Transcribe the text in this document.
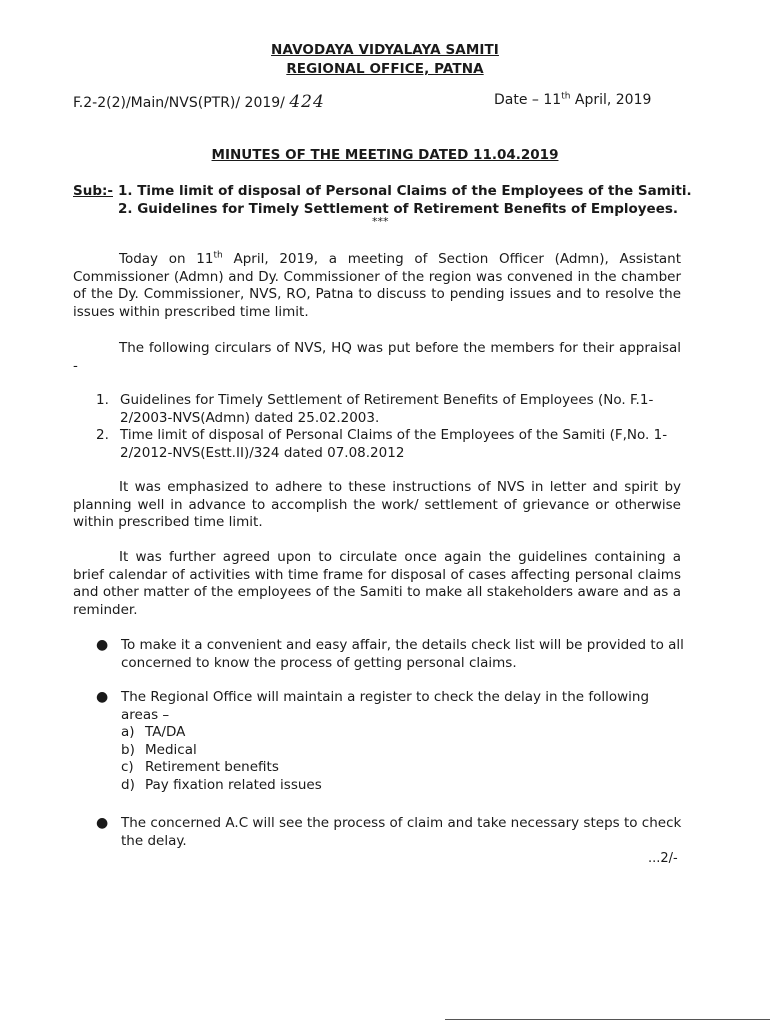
NAVODAYA VIDYALAYA SAMITI
REGIONAL OFFICE, PATNA
F.2-2(2)/Main/NVS(PTR)/ 2019/ 424	Date – 11th April, 2019
MINUTES OF THE MEETING DATED 11.04.2019
Sub:- 1. Time limit of disposal of Personal Claims of the Employees of the Samiti.
2. Guidelines for Timely Settlement of Retirement Benefits of Employees.
***

Today on 11th April, 2019, a meeting of Section Officer (Admn), Assistant Commissioner (Admn) and Dy. Commissioner of the region was convened in the chamber of the Dy. Commissioner, NVS, RO, Patna to discuss to pending issues and to resolve the issues within prescribed time limit.

The following circulars of NVS, HQ was put before the members for their appraisal -

1. Guidelines for Timely Settlement of Retirement Benefits of Employees (No. F.1-2/2003-NVS(Admn) dated 25.02.2003.
2. Time limit of disposal of Personal Claims of the Employees of the Samiti (F,No. 1-2/2012-NVS(Estt.II)/324 dated 07.08.2012

It was emphasized to adhere to these instructions of NVS in letter and spirit by planning well in advance to accomplish the work/ settlement of grievance or otherwise within prescribed time limit.

It was further agreed upon to circulate once again the guidelines containing a brief calendar of activities with time frame for disposal of cases affecting personal claims and other matter of the employees of the Samiti to make all stakeholders aware and as a reminder.

● To make it a convenient and easy affair, the details check list will be provided to all concerned to know the process of getting personal claims.
● The Regional Office will maintain a register to check the delay in the following areas –
a) TA/DA
b) Medical
c) Retirement benefits
d) Pay fixation related issues
● The concerned A.C will see the process of claim and take necessary steps to check the delay.
...2/-
